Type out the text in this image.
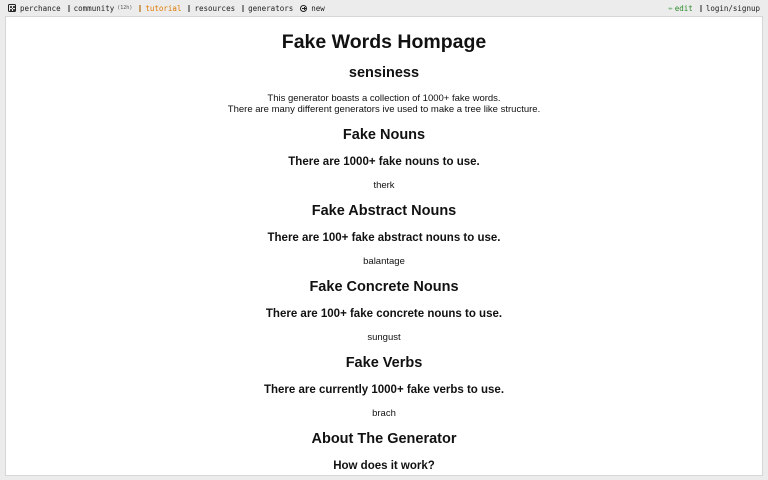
perchance community (12h) tutorial resources generators new	✏ edit login/signup
Fake Words Hompage
sensiness
This generator boasts a collection of 1000+ fake words.
There are many different generators ive used to make a tree like structure.
Fake Nouns
There are 1000+ fake nouns to use.
therk
Fake Abstract Nouns
There are 100+ fake abstract nouns to use.
balantage
Fake Concrete Nouns
There are 100+ fake concrete nouns to use.
sungust
Fake Verbs
There are currently 1000+ fake verbs to use.
brach
About The Generator
How does it work?
